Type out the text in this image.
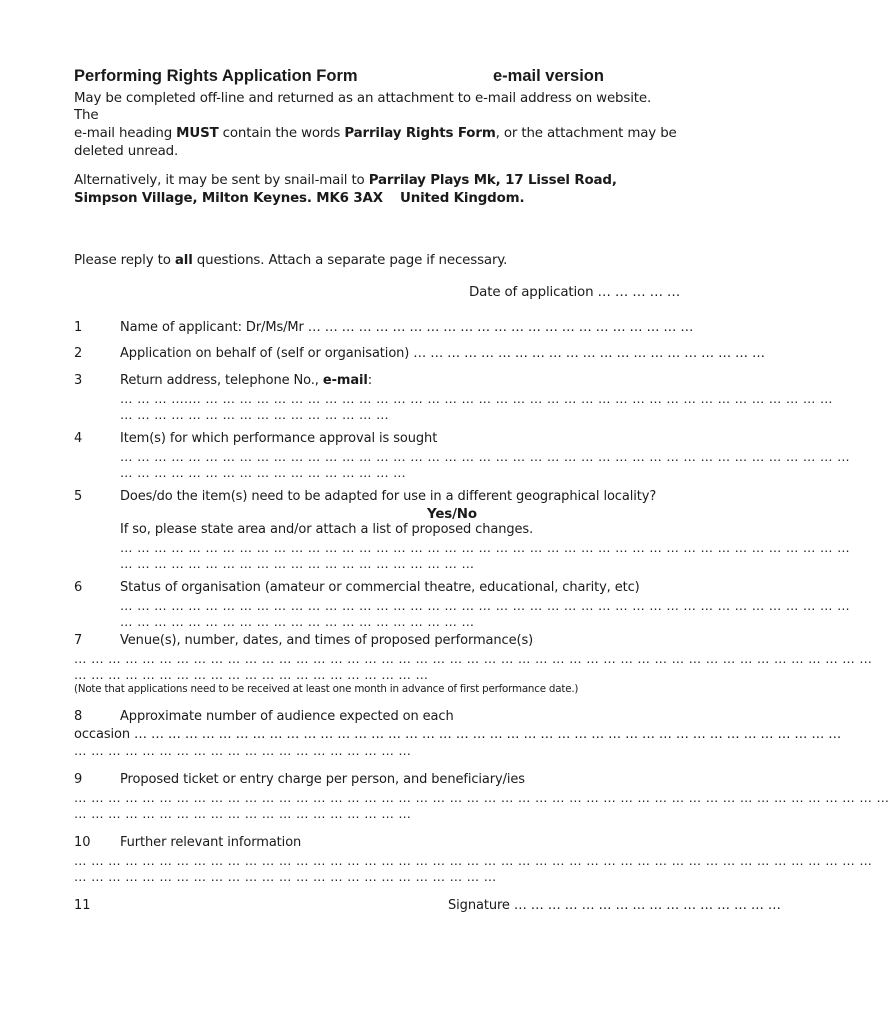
Performing Rights Application Form	e-mail version
May be completed off-line and returned as an attachment to e-mail address on website.
The
e-mail heading MUST contain the words Parrilay Rights Form, or the attachment may be
deleted unread.
Alternatively, it may be sent by snail-mail to Parrilay Plays Mk, 17 Lissel Road,
Simpson Village, Milton Keynes. MK6 3AX United Kingdom.
Please reply to all questions. Attach a separate page if necessary.
Date of application … … … … …
1	Name of applicant: Dr/Ms/Mr … … … … … … … … … … … … … … … … … … … … … … …
2	Application on behalf of (self or organisation) … … … … … … … … … … … … … … … … … … … … …
3	Return address, telephone No., e-mail:
… … … ….… … … … … … … … … … … … … … … … … … … … … … … … … … … … … … … … … … … … … …
… … … … … … … … … … … … … … … …
4	Item(s) for which performance approval is sought
… … … … … … … … … … … … … … … … … … … … … … … … … … … … … … … … … … … … … … … … … … …
… … … … … … … … … … … … … … … … …
5	Does/do the item(s) need to be adapted for use in a different geographical locality?
Yes/No
If so, please state area and/or attach a list of proposed changes.
… … … … … … … … … … … … … … … … … … … … … … … … … … … … … … … … … … … … … … … … … … …
… … … … … … … … … … … … … … … … … … … … …
6	Status of organisation (amateur or commercial theatre, educational, charity, etc)
… … … … … … … … … … … … … … … … … … … … … … … … … … … … … … … … … … … … … … … … … … …
… … … … … … … … … … … … … … … … … … … … …
7	Venue(s), number, dates, and times of proposed performance(s)
… … … … … … … … … … … … … … … … … … … … … … … … … … … … … … … … … … … … … … … … … … … … … … …
… … … … … … … … … … … … … … … … … … … … …
(Note that applications need to be received at least one month in advance of first performance date.)
8	Approximate number of audience expected on each
occasion … … … … … … … … … … … … … … … … … … … … … … … … … … … … … … … … … … … … … … … … … …
… … … … … … … … … … … … … … … … … … … …
9	Proposed ticket or entry charge per person, and beneficiary/ies
… … … … … … … … … … … … … … … … … … … … … … … … … … … … … … … … … … … … … … … … … … … … … … … …
… … … … … … … … … … … … … … … … … … … …
10 Further relevant information
… … … … … … … … … … … … … … … … … … … … … … … … … … … … … … … … … … … … … … … … … … … … … … …
… … … … … … … … … … … … … … … … … … … … … … … … …
11	Signature … … … … … … … … … … … … … … … …
